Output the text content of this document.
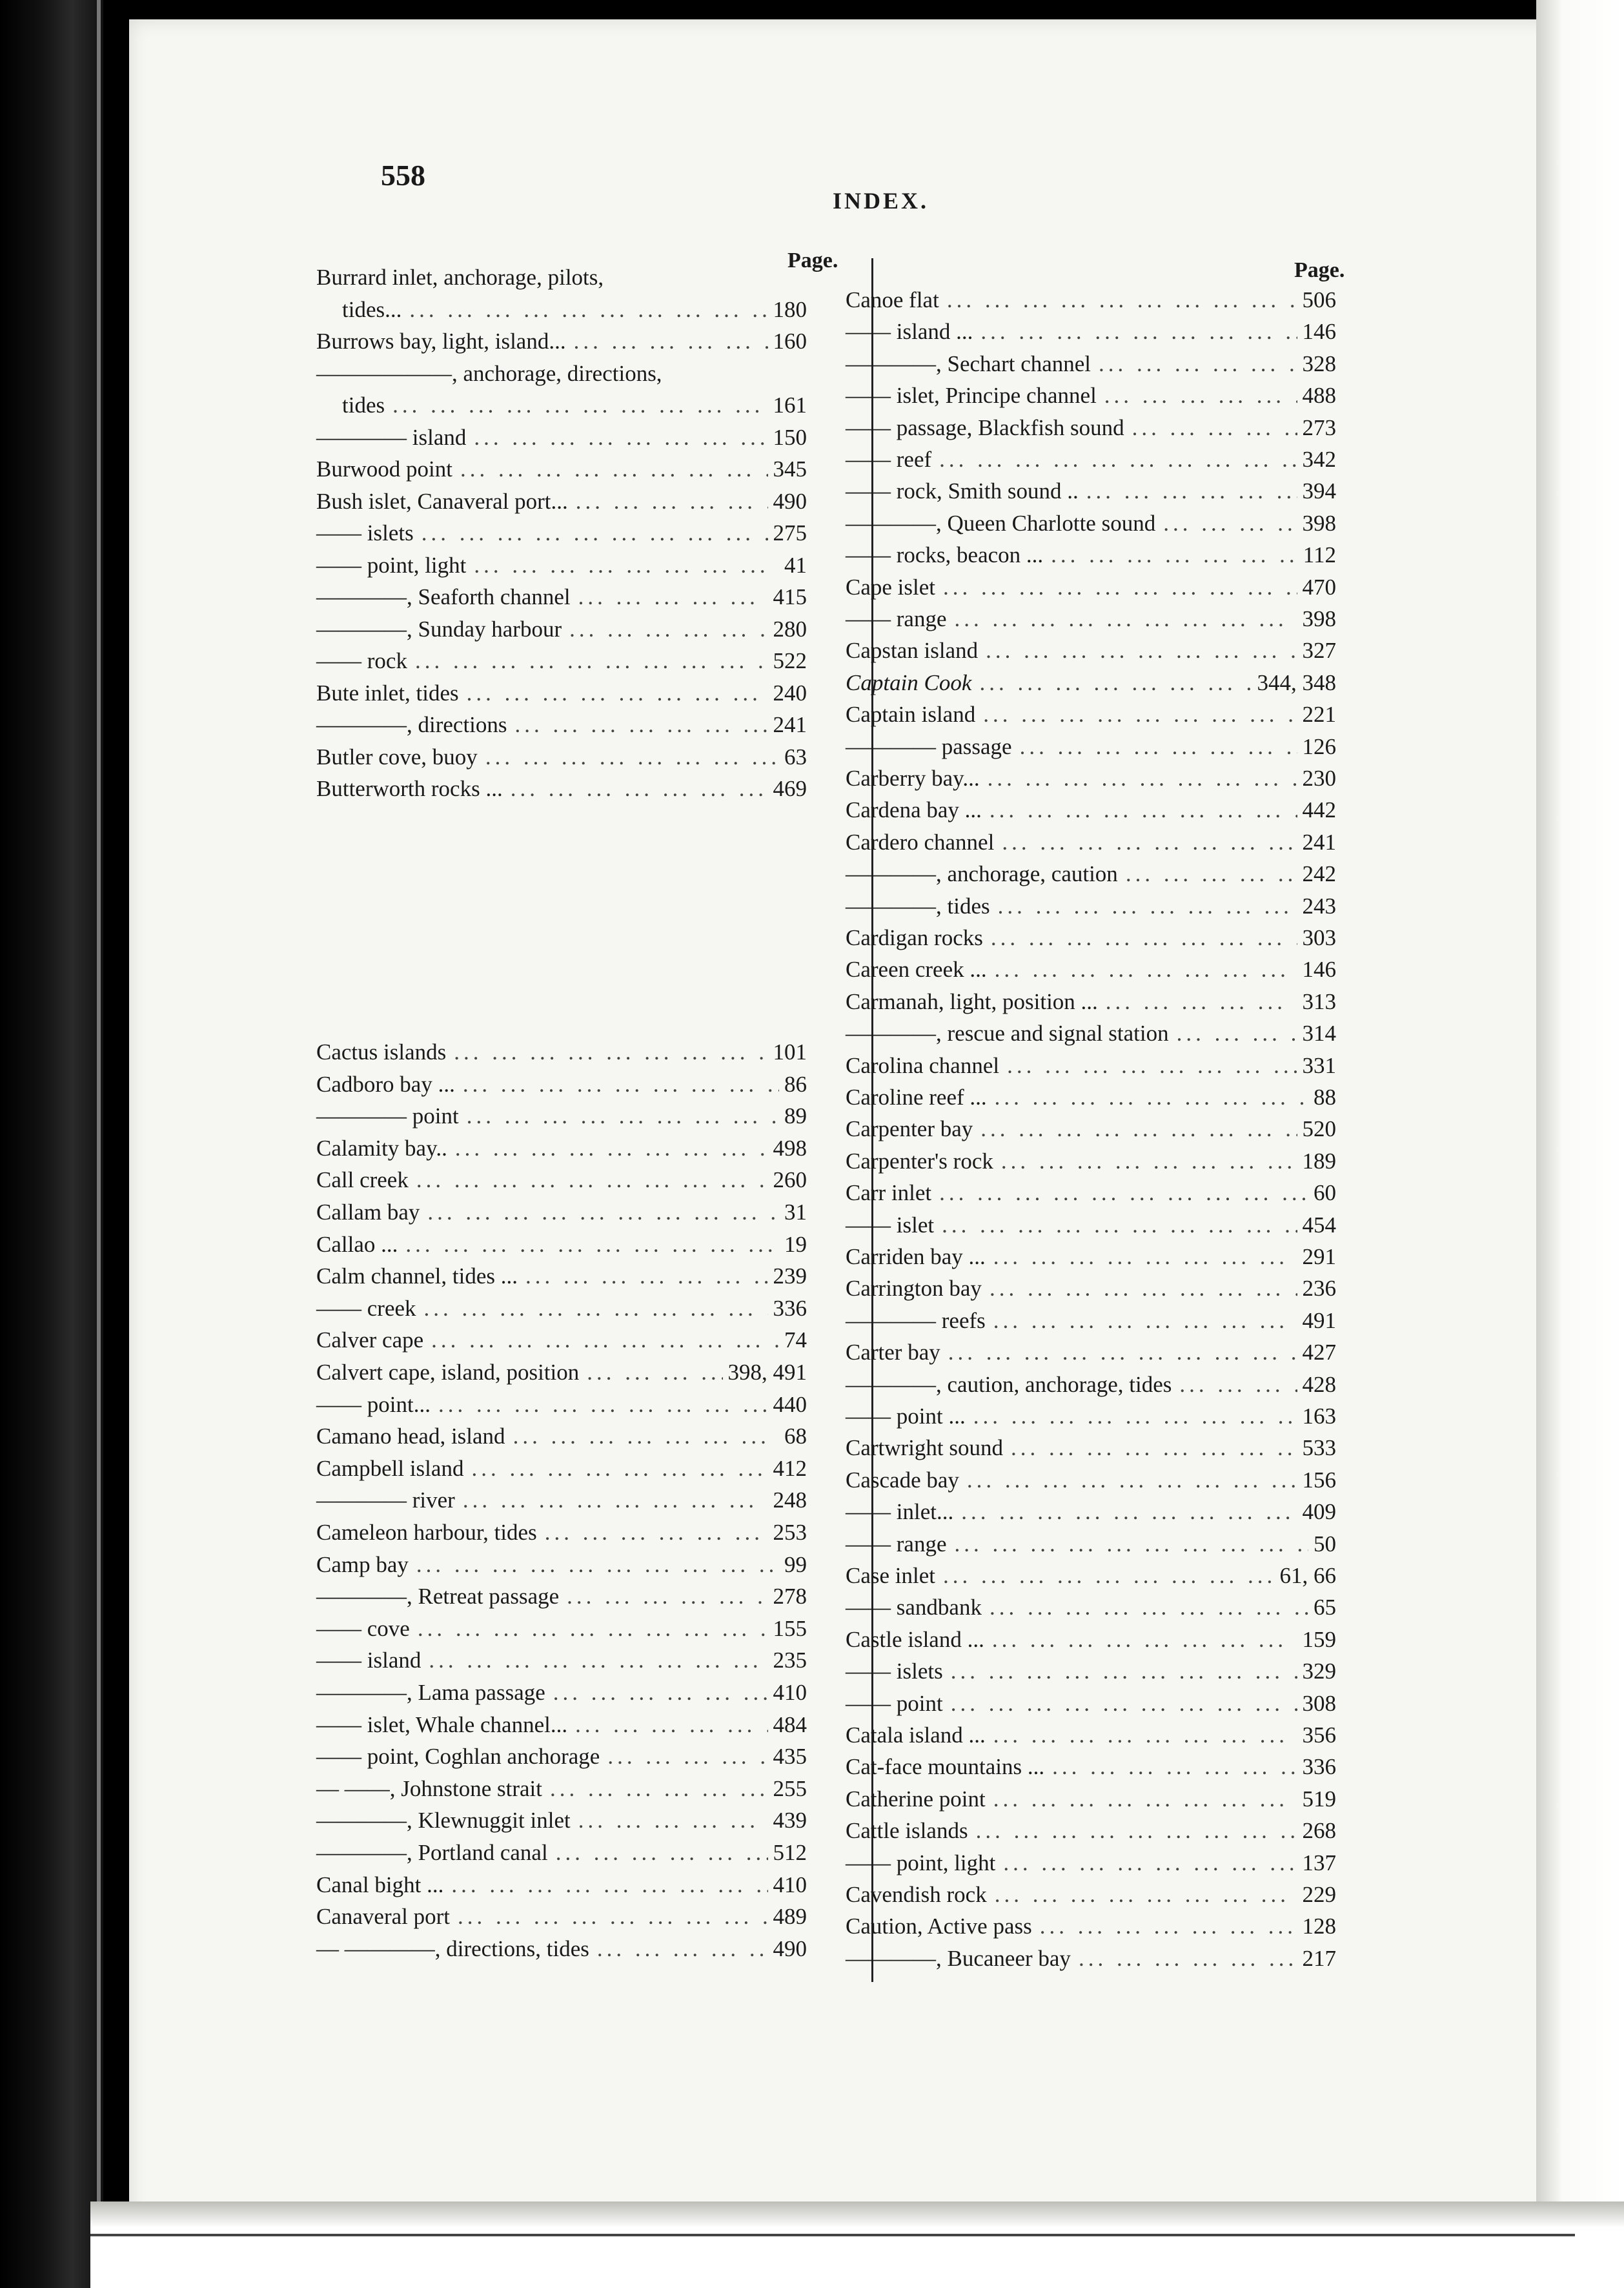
558
INDEX.
Page.	Page.
Burrard inlet, anchorage, pilots,
tides... ... .	180
Burrows bay, light, island... ... .	160
——————, anchorage, directions,
tides ... .	161
———— island ... .	150
Burwood point ... .	345
Bush islet, Canaveral port... ... .	490
—— islets ... .	275
—— point, light ... .	41
————, Seaforth channel ... .	415
————, Sunday harbour ... .	280
—— rock ... .	522
Bute inlet, tides ... .	240
————, directions ... .	241
Butler cove, buoy ... .	63
Butterworth rocks ... ... .	469
Cactus islands ... .	101
Cadboro bay ... ... .	86
———— point ... .	89
Calamity bay.. ... .	498
Call creek ... .	260
Callam bay ... .	31
Callao ... ... .	19
Calm channel, tides ... ... .	239
—— creek ... .	336
Calver cape ... .	74
Calvert cape, island, position ... .	398, 491
—— point... ... .	440
Camano head, island ... .	68
Campbell island ... .	412
———— river ... .	248
Cameleon harbour, tides ... .	253
Camp bay ... .	99
————, Retreat passage ... .	278
—— cove ... .	155
—— island ... .	235
————, Lama passage ... .	410
—— islet, Whale channel... ... .	484
—— point, Coghlan anchorage ... .	435
— ——, Johnstone strait ... .	255
————, Klewnuggit inlet ... .	439
————, Portland canal ... .	512
Canal bight ... ... .	410
Canaveral port ... .	489
— ————, directions, tides ... .	490
Canoe flat ... .	506
—— island ... ... .	146
————, Sechart channel ... .	328
—— islet, Principe channel ... .	488
—— passage, Blackfish sound ... .	273
—— reef ... .	342
—— rock, Smith sound .. ... .	394
————, Queen Charlotte sound ... .	398
—— rocks, beacon ... ... .	112
Cape islet ... .	470
—— range ... .	398
Capstan island ... .	327
Captain Cook ... .	344, 348
Captain island ... .	221
———— passage ... .	126
Carberry bay... ... .	230
Cardena bay ... ... .	442
Cardero channel ... .	241
————, anchorage, caution ... .	242
————, tides ... .	243
Cardigan rocks ... .	303
Careen creek ... ... .	146
Carmanah, light, position ... ... .	313
————, rescue and signal station ... .	314
Carolina channel ... .	331
Caroline reef ... ... .	88
Carpenter bay ... .	520
Carpenter's rock ... .	189
Carr inlet ... .	60
—— islet ... .	454
Carriden bay ... ... .	291
Carrington bay ... .	236
———— reefs ... .	491
Carter bay ... .	427
————, caution, anchorage, tides ... .	428
—— point ... ... .	163
Cartwright sound ... .	533
Cascade bay ... .	156
—— inlet... ... .	409
—— range ... .	50
Case inlet ... .	61, 66
—— sandbank ... .	65
Castle island ... ... .	159
—— islets ... .	329
—— point ... .	308
Catala island ... ... .	356
Cat-face mountains ... ... .	336
Catherine point ... .	519
Cattle islands ... .	268
—— point, light ... .	137
Cavendish rock ... .	229
Caution, Active pass ... .	128
————, Bucaneer bay ... .	217
